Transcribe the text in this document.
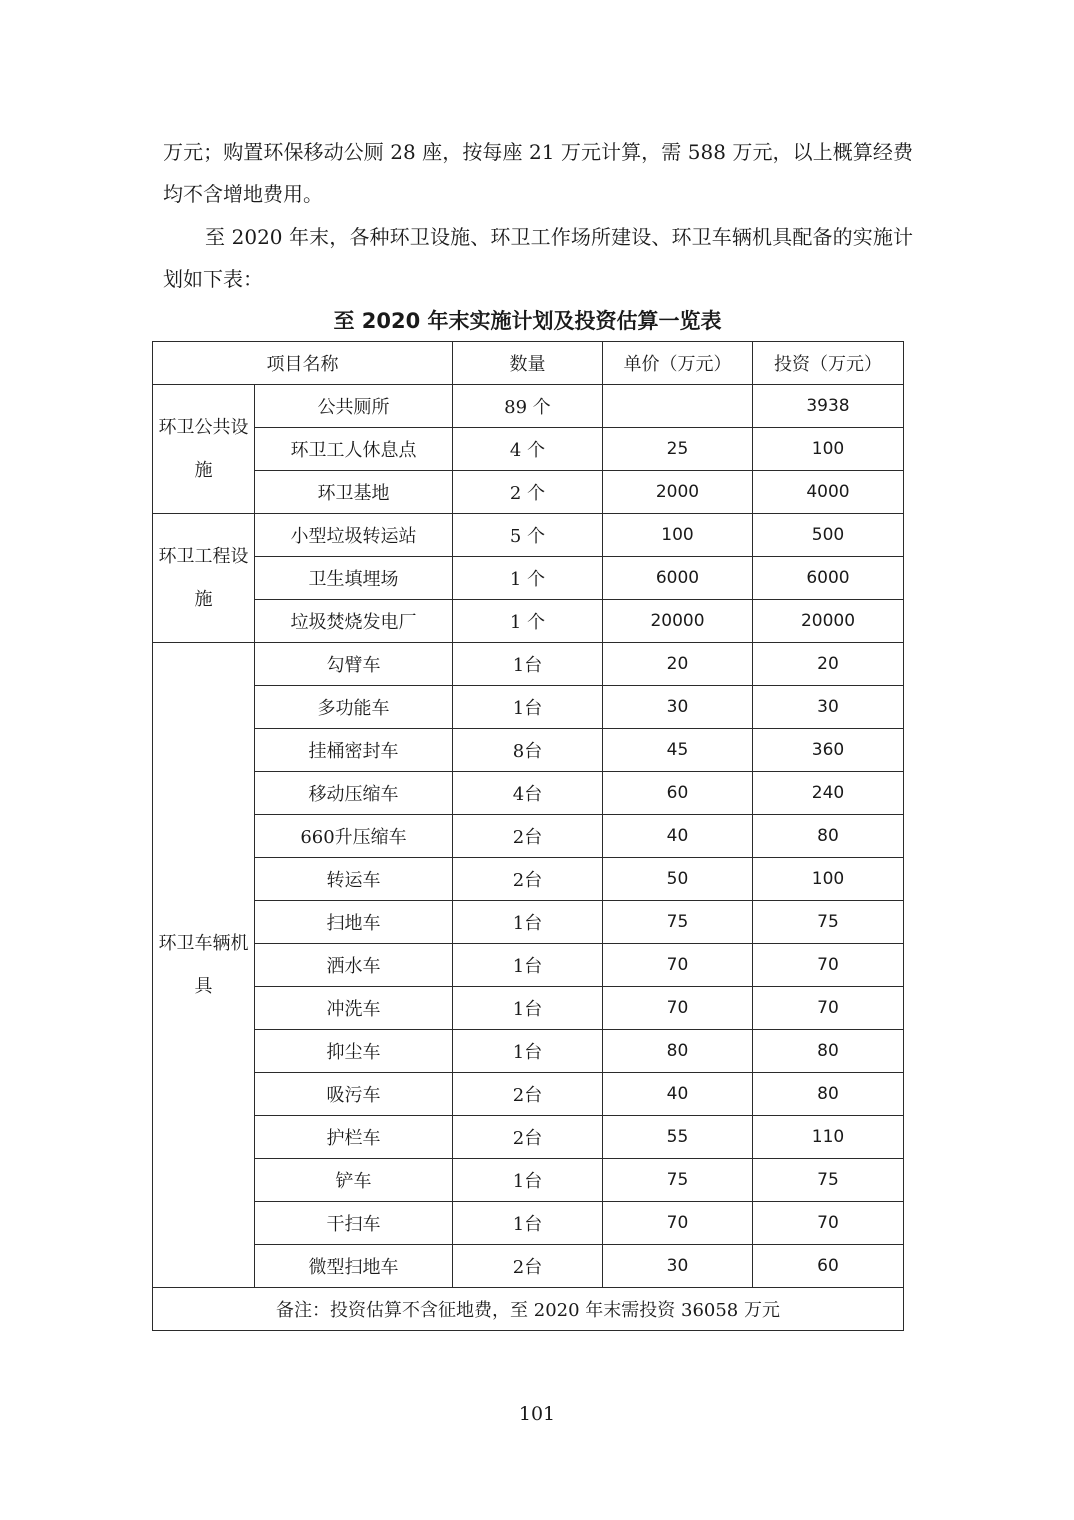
万元；购置环保移动公厕 28 座，按每座 21 万元计算，需 588 万元，以上概算经费均不含增地费用。

至 2020 年末，各种环卫设施、环卫工作场所建设、环卫车辆机具配备的实施计划如下表：

至 2020 年末实施计划及投资估算一览表
项目名称		数量	单价（万元）	投资（万元）
环卫公共设施	公共厕所	89 个		3938
	环卫工人休息点	4 个	25	100
	环卫基地	2 个	2000	4000
环卫工程设施	小型垃圾转运站	5 个	100	500
	卫生填埋场	1 个	6000	6000
	垃圾焚烧发电厂	1 个	20000	20000
环卫车辆机具	勾臂车	1台	20	20
	多功能车	1台	30	30
	挂桶密封车	8台	45	360
	移动压缩车	4台	60	240
	660升压缩车	2台	40	80
	转运车	2台	50	100
	扫地车	1台	75	75
	洒水车	1台	70	70
	冲洗车	1台	70	70
	抑尘车	1台	80	80
	吸污车	2台	40	80
	护栏车	2台	55	110
	铲车	1台	75	75
	干扫车	1台	70	70
	微型扫地车	2台	30	60
备注：投资估算不含征地费，至 2020 年末需投资 36058 万元				
101
